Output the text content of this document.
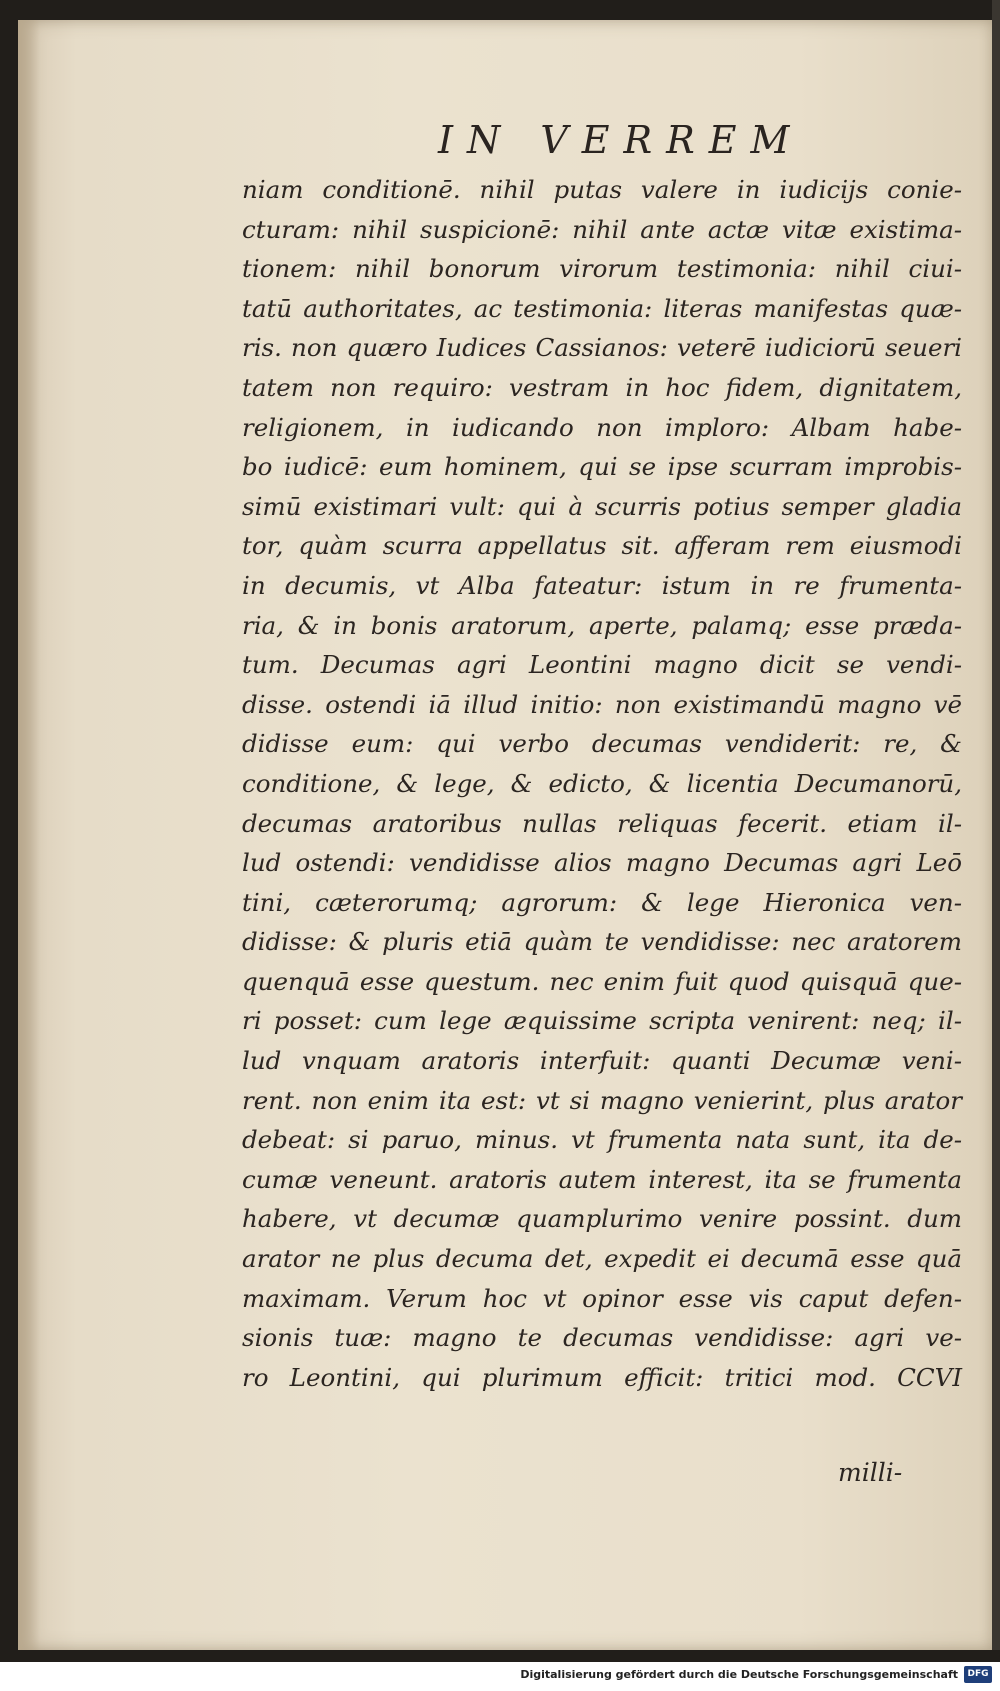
IN VERREM
niam conditionē. nihil putas valere in iudicijs conie-
cturam: nihil suspicionē: nihil ante actæ vitæ existima-
tionem: nihil bonorum virorum testimonia: nihil ciui-
tatū authoritates, ac testimonia: literas manifestas quæ-
ris. non quæro Iudices Cassianos: veterē iudiciorū seueri
tatem non requiro: vestram in hoc fidem, dignitatem,
religionem, in iudicando non imploro: Albam habe-
bo iudicē: eum hominem, qui se ipse scurram improbis-
simū existimari vult: qui à scurris potius semper gladia
tor, quàm scurra appellatus sit. afferam rem eiusmodi
in decumis, vt Alba fateatur: istum in re frumenta-
ria, & in bonis aratorum, aperte, palamq; esse prædа-
tum. Decumas agri Leontini magno dicit se vendi-
disse. ostendi iā illud initio: non existimandū magno vē
didisse eum: qui verbo decumas vendiderit: re, &
conditione, & lege, & edicto, & licentia Decumanorū,
decumas aratoribus nullas reliquas fecerit. etiam il-
lud ostendi: vendidisse alios magno Decumas agri Leō
tini, cæterorumq; agrorum: & lege Hieronica ven-
didisse: & pluris etiā quàm te vendidisse: nec aratorem
quenquā esse questum. nec enim fuit quod quisquā que-
ri posset: cum lege æquissime scripta venirent: neq; il-
lud vnquam aratoris interfuit: quanti Decumæ veni-
rent. non enim ita est: vt si magno venierint, plus arator
debeat: si paruo, minus. vt frumenta nata sunt, ita de-
cumæ veneunt. aratoris autem interest, ita se frumenta
habere, vt decumæ quamplurimo venire possint. dum
arator ne plus decuma det, expedit ei decumā esse quā
maximam. Verum hoc vt opinor esse vis caput defen-
sionis tuæ: magno te decumas vendidisse: agri ve-
ro Leontini, qui plurimum efficit: tritici mod. CCVI
milli-
Digitalisierung gefördert durch die Deutsche Forschungsgemeinschaft	DFG
